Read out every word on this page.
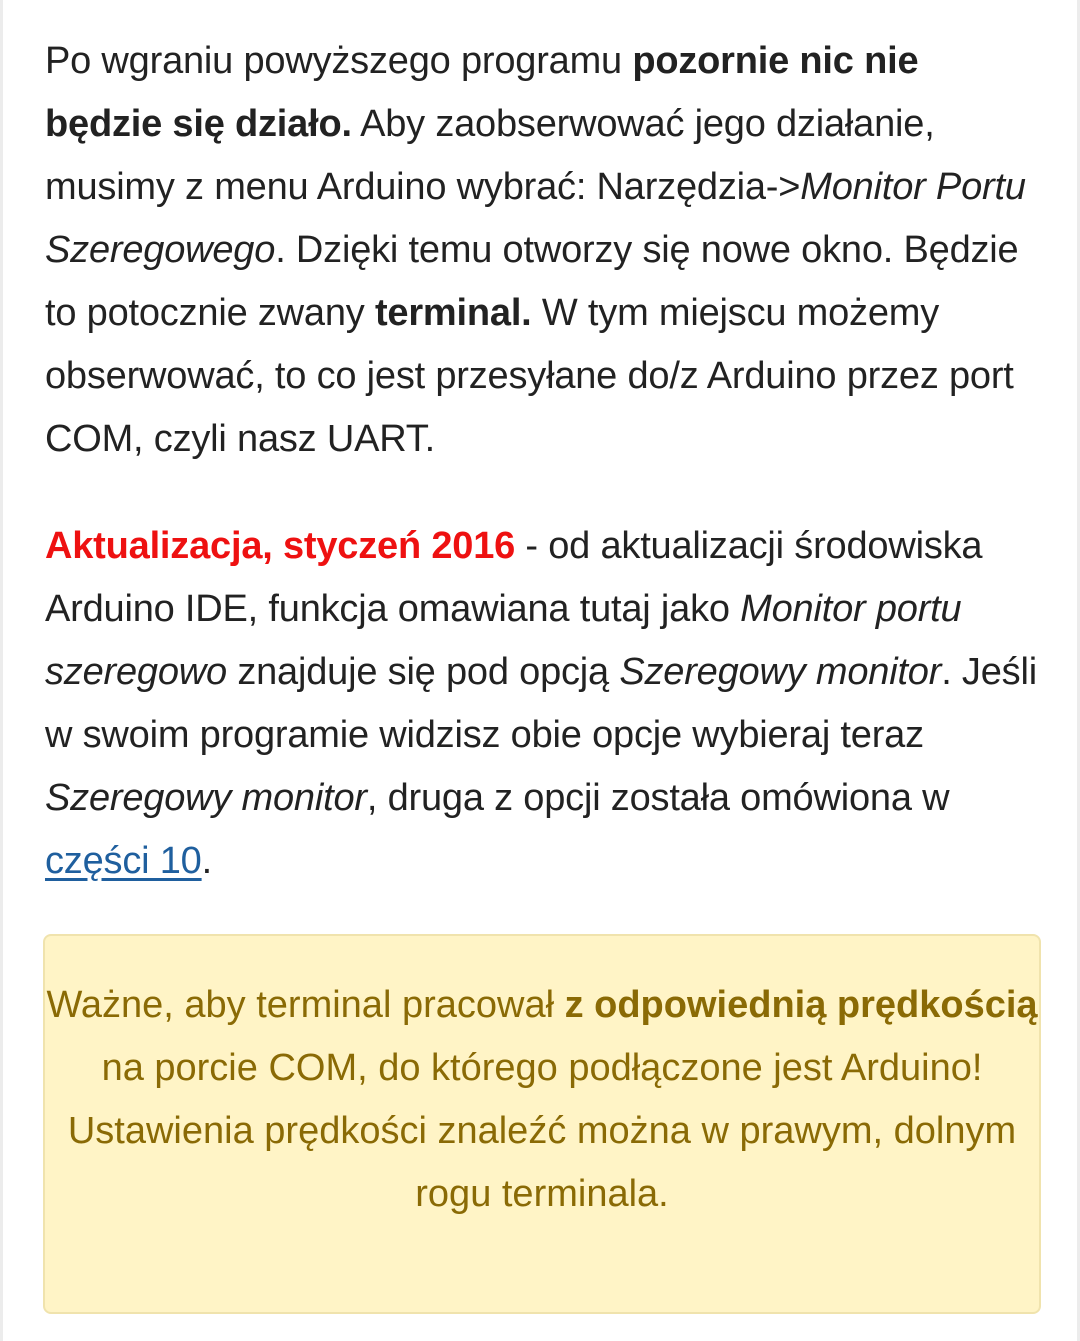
Po wgraniu powyższego programu pozornie nic nie będzie się działo. Aby zaobserwować jego działanie, musimy z menu Arduino wybrać: Narzędzia->Monitor Portu Szeregowego. Dzięki temu otworzy się nowe okno. Będzie to potocznie zwany terminal. W tym miejscu możemy obserwować, to co jest przesyłane do/z Arduino przez port COM, czyli nasz UART.

Aktualizacja, styczeń 2016 - od aktualizacji środowiska Arduino IDE, funkcja omawiana tutaj jako Monitor portu szeregowo znajduje się pod opcją Szeregowy monitor. Jeśli w swoim programie widzisz obie opcje wybieraj teraz Szeregowy monitor, druga z opcji została omówiona w części 10.

Ważne, aby terminal pracował z odpowiednią prędkością na porcie COM, do którego podłączone jest Arduino!
Ustawienia prędkości znaleźć można w prawym, dolnym rogu terminala.
